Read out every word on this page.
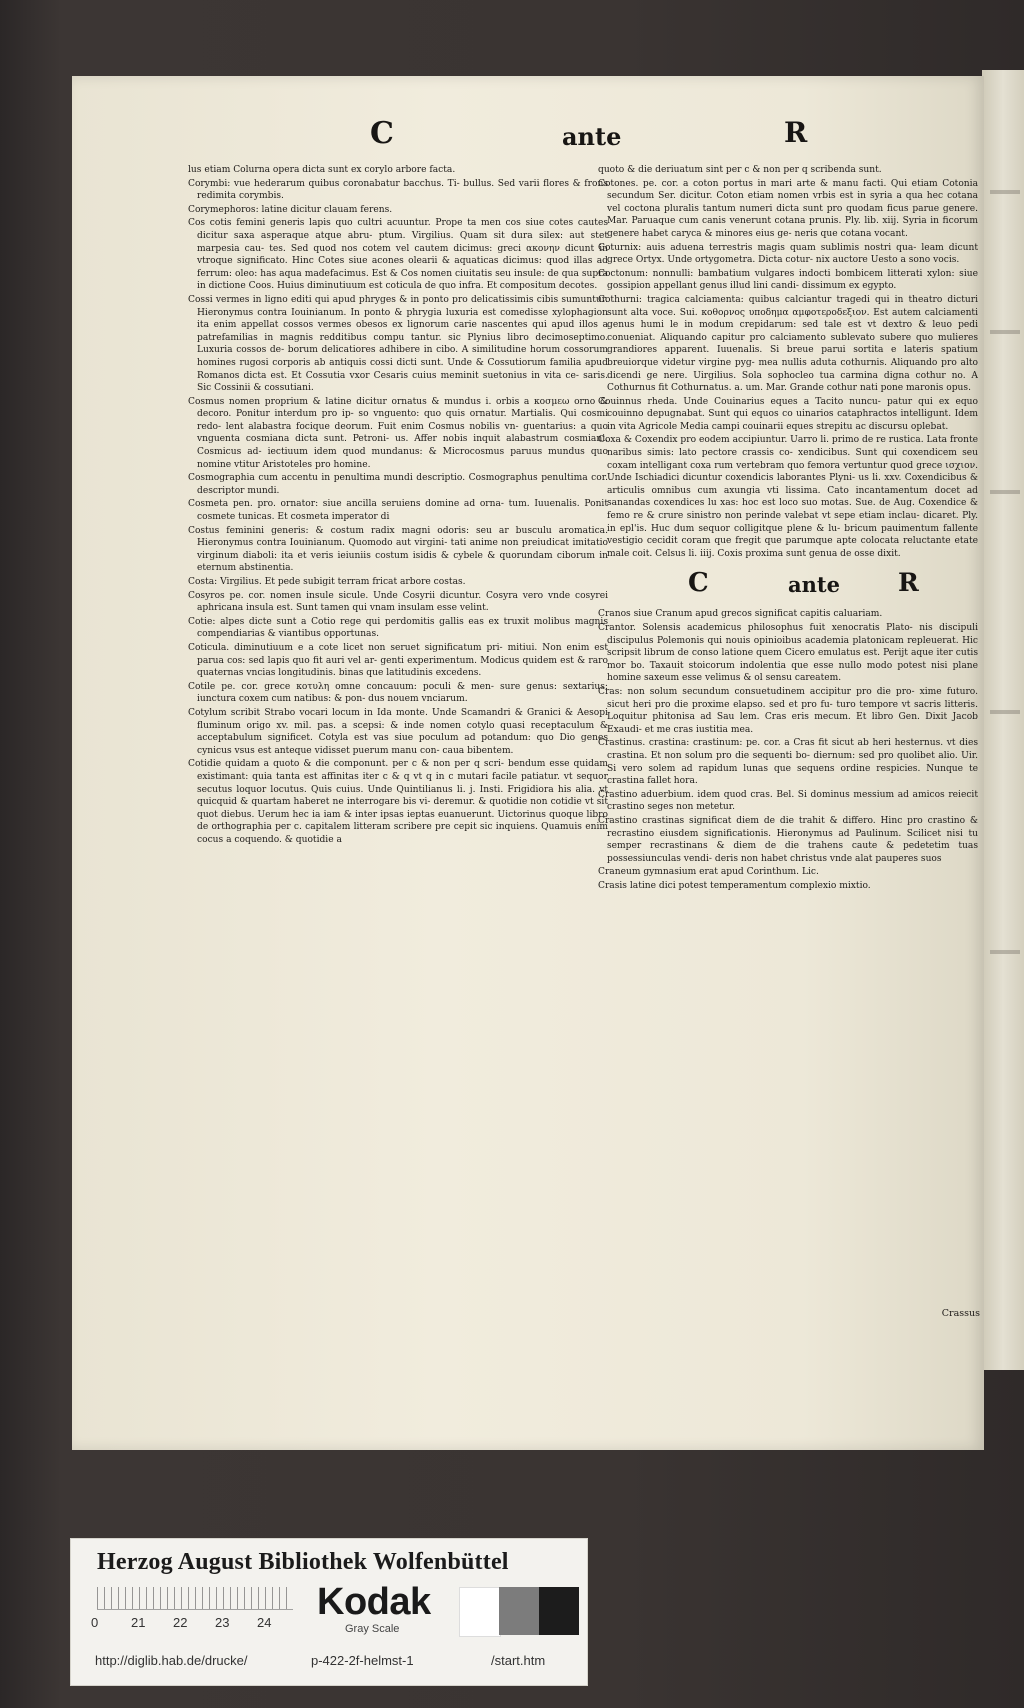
C	ante	R

lus etiam Colurna opera dicta sunt ex corylo arbore facta.

Corymbi: vue hederarum quibus coronabatur bacchus. Ti- bullus. Sed varii flores & frons redimita corymbis.

Corymephoros: latine dicitur clauam ferens.

Cos cotis femini generis lapis quo cultri acuuntur. Prope ta men cos siue cotes cautes dicitur saxa asperaque atque abru- ptum. Virgilius. Quam sit dura silex: aut stet marpesia cau- tes. Sed quod nos cotem vel cautem dicimus: greci ακονην dicunt in vtroque significato. Hinc Cotes siue acones olearii & aquaticas dicimus: quod illas ad ferrum: oleo: has aqua madefacimus. Est & Cos nomen ciuitatis seu insule: de qua supra in dictione Coos. Huius diminutiuum est coticula de quo infra. Et compositum decotes.

Cossi vermes in ligno editi qui apud phryges & in ponto pro delicatissimis cibis sumuntur. Hieronymus contra Iouinianum. In ponto & phrygia luxuria est comedisse xylophagion ita enim appellat cossos vermes obesos ex lignorum carie nascentes qui apud illos a patrefamilias in magnis redditibus compu tantur. sic Plynius libro decimoseptimo. Luxuria cossos de- borum delicatiores adhibere in cibo. A similitudine horum cossorum homines rugosi corporis ab antiquis cossi dicti sunt. Unde & Cossutiorum familia apud Romanos dicta est. Et Cossutia vxor Cesaris cuius meminit suetonius in vita ce- saris. Sic Cossinii & cossutiani.

Cosmus nomen proprium & latine dicitur ornatus & mundus i. orbis a κοσμεω orno & decoro. Ponitur interdum pro ip- so vnguento: quo quis ornatur. Martialis. Qui cosmi redo- lent alabastra focique deorum. Fuit enim Cosmus nobilis vn- guentarius: a quo vnguenta cosmiana dicta sunt. Petroni- us. Affer nobis inquit alabastrum cosmiani. Cosmicus ad- iectiuum idem quod mundanus: & Microcosmus paruus mundus quo nomine vtitur Aristoteles pro homine.

Cosmographia cum accentu in penultima mundi descriptio. Cosmographus penultima cor. descriptor mundi.

Cosmeta pen. pro. ornator: siue ancilla seruiens domine ad orna- tum. Iuuenalis. Ponit cosmete tunicas. Et cosmeta imperator di

Costus feminini generis: & costum radix magni odoris: seu ar busculu aromatica. Hieronymus contra Iouinianum. Quomodo aut virgini- tati anime non preiudicat imitatio virginum diaboli: ita et veris ieiuniis costum isidis & cybele & quorundam ciborum in eternum abstinentia.

Costa: Virgilius. Et pede subigit terram fricat arbore costas.

Cosyros pe. cor. nomen insule sicule. Unde Cosyrii dicuntur. Cosyra vero vnde cosyrei aphricana insula est. Sunt tamen qui vnam insulam esse velint.

Cotie: alpes dicte sunt a Cotio rege qui perdomitis gallis eas ex truxit molibus magnis compendiarias & viantibus opportunas.

Coticula. diminutiuum e a cote licet non seruet significatum pri- mitiui. Non enim est parua cos: sed lapis quo fit auri vel ar- genti experimentum. Modicus quidem est & raro quaternas vncias longitudinis. binas que latitudinis excedens.

Cotile pe. cor. grece κοτυλη omne concauum: poculi & men- sure genus: sextarius: iunctura coxem cum natibus: & pon- dus nouem vnciarum.

Cotylum scribit Strabo vocari locum in Ida monte. Unde Scamandri & Granici & Aesopi fluminum origo xv. mil. pas. a scepsi: & inde nomen cotylo quasi receptaculum & acceptabulum significet. Cotyla est vas siue poculum ad potandum: quo Dio genes cynicus vsus est anteque vidisset puerum manu con- caua bibentem.

Cotidie quidam a quoto & die componunt. per c & non per q scri- bendum esse quidam existimant: quia tanta est affinitas iter c & q vt q in c mutari facile patiatur. vt sequor secutus loquor locutus. Quis cuius. Unde Quintilianus li. j. Insti. Frigidiora his alia. vt quicquid & quartam haberet ne interrogare bis vi- deremur. & quotidie non cotidie vt sit quot diebus. Uerum hec ia iam & inter ipsas ieptas euanuerunt. Uictorinus quoque libro de orthographia per c. capitalem litteram scribere pre cepit sic inquiens. Quamuis enim cocus a coquendo. & quotidie a

quoto & die deriuatum sint per c & non per q scribenda sunt.

Cotones. pe. cor. a coton portus in mari arte & manu facti. Qui etiam Cotonia secundum Ser. dicitur. Coton etiam nomen vrbis est in syria a qua hec cotana vel coctona pluralis tantum numeri dicta sunt pro quodam ficus parue genere. Mar. Paruaque cum canis venerunt cotana prunis. Ply. lib. xiij. Syria in ficorum genere habet caryca & minores eius ge- neris que cotana vocant.

Coturnix: auis aduena terrestris magis quam sublimis nostri qua- leam dicunt grece Ortyx. Unde ortygometra. Dicta cotur- nix auctore Uesto a sono vocis.

Coctonum: nonnulli: bambatium vulgares indocti bombicem litterati xylon: siue gossipion appellant genus illud lini candi- dissimum ex egypto.

Cothurni: tragica calciamenta: quibus calciantur tragedi qui in theatro dicturi sunt alta voce. Sui. κοθορνος υποδημα αμφοτεροδεξιον. Est autem calciamenti genus humi le in modum crepidarum: sed tale est vt dextro & leuo pedi conueniat. Aliquando capitur pro calciamento sublevato subere quo mulieres grandiores apparent. Iuuenalis. Si breue parui sortita e lateris spatium breuiorque videtur virgine pyg- mea nullis aduta cothurnis. Aliquando pro alto dicendi ge nere. Uirgilius. Sola sophocleo tua carmina digna cothur no. A Cothurnus fit Cothurnatus. a. um. Mar. Grande cothur nati pone maronis opus.

Couinnus rheda. Unde Couinarius eques a Tacito nuncu- patur qui ex equo couinno depugnabat. Sunt qui equos co uinarios cataphractos intelligunt. Idem in vita Agricole Media campi couinarii eques strepitu ac discursu oplebat.

Coxa & Coxendix pro eodem accipiuntur. Uarro li. primo de re rustica. Lata fronte naribus simis: lato pectore crassis co- xendicibus. Sunt qui coxendicem seu coxam intelligant coxa rum vertebram quo femora vertuntur quod grece ισχιον. Unde Ischiadici dicuntur coxendicis laborantes Plyni- us li. xxv. Coxendicibus & articulis omnibus cum axungia vti lissima. Cato incantamentum docet ad sanandas coxendices lu xas: hoc est loco suo motas. Sue. de Aug. Coxendice & femo re & crure sinistro non perinde valebat vt sepe etiam inclau- dicaret. Ply. in epl'is. Huc dum sequor colligitque plene & lu- bricum pauimentum fallente vestigio cecidit coram que fregit que parumque apte colocata reluctante etate male coit. Celsus li. iiij. Coxis proxima sunt genua de osse dixit.

C	ante R

Cranos siue Cranum apud grecos significat capitis caluariam.

Crantor. Solensis academicus philosophus fuit xenocratis Plato- nis discipuli discipulus Polemonis qui nouis opinioibus academia platonicam repleuerat. Hic scripsit librum de conso latione quem Cicero emulatus est. Perijt aque iter cutis mor bo. Taxauit stoicorum indolentia que esse nullo modo potest nisi plane homine saxeum esse velimus & ol sensu careatem.

Cras: non solum secundum consuetudinem accipitur pro die pro- xime futuro. sicut heri pro die proxime elapso. sed et pro fu- turo tempore vt sacris litteris. Loquitur phitonisa ad Sau lem. Cras eris mecum. Et libro Gen. Dixit Jacob Exaudi- et me cras iustitia mea.

Crastinus. crastina: crastinum: pe. cor. a Cras fit sicut ab heri hesternus. vt dies crastina. Et non solum pro die sequenti bo- diernum: sed pro quolibet alio. Uir. Si vero solem ad rapidum lunas que sequens ordine respicies. Nunque te crastina fallet hora.

Crastino aduerbium. idem quod cras. Bel. Si dominus messium ad amicos reiecit crastino seges non metetur.

Crastino crastinas significat diem de die trahit & differo. Hinc pro crastino & recrastino eiusdem significationis. Hieronymus ad Paulinum. Scilicet nisi tu semper recrastinans & diem de die trahens caute & pedetetim tuas possessiunculas vendi- deris non habet christus vnde alat pauperes suos

Craneum gymnasium erat apud Corinthum. Lic.

Crasis latine dici potest temperamentum complexio mixtio.

Crassus
Herzog August Bibliothek Wolfenbüttel
0	21 22 23 24 Kodak
Gray Scale
http://diglib.hab.de/drucke/	p-422-2f-helmst-1	/start.htm
